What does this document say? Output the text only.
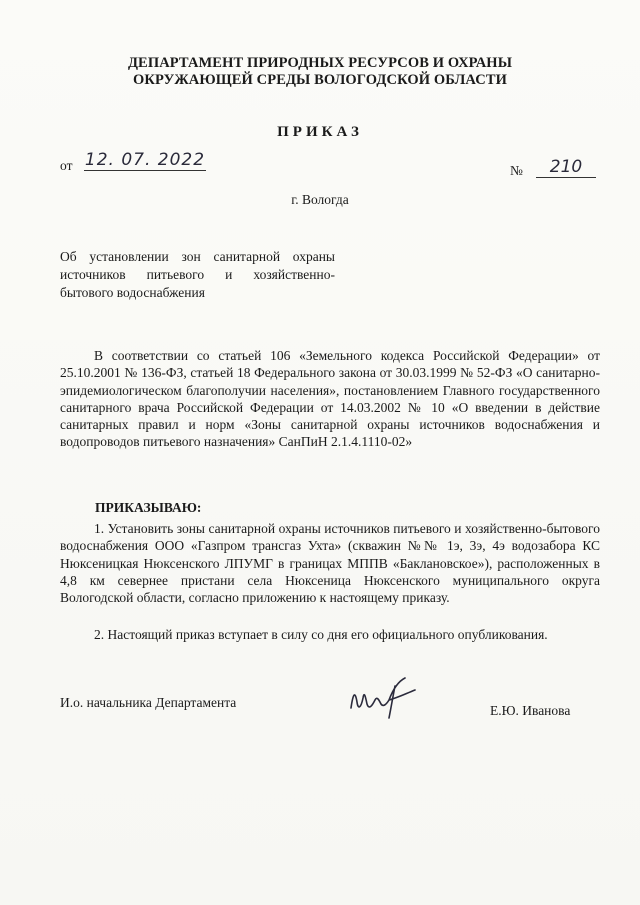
ДЕПАРТАМЕНТ ПРИРОДНЫХ РЕСУРСОВ И ОХРАНЫ
ОКРУЖАЮЩЕЙ СРЕДЫ ВОЛОГОДСКОЙ ОБЛАСТИ
ПРИКАЗ
от 12. 07. 2022
№	210
г. Вологда
Об установлении зон санитарной охраны источников питьевого и хозяйственно-бытового водоснабжения
В соответствии со статьей 106 «Земельного кодекса Российской Федерации» от 25.10.2001 № 136-ФЗ, статьей 18 Федерального закона от 30.03.1999 № 52-ФЗ «О санитарно-эпидемиологическом благополучии населения», постановлением Главного государственного санитарного врача Российской Федерации от 14.03.2002 № 10 «О введении в действие санитарных правил и норм «Зоны санитарной охраны источников водоснабжения и водопроводов питьевого назначения» СанПиН 2.1.4.1110-02»
ПРИКАЗЫВАЮ:
1. Установить зоны санитарной охраны источников питьевого и хозяйственно-бытового водоснабжения ООО «Газпром трансгаз Ухта» (скважин №№ 1э, 3э, 4э водозабора КС Нюксеницкая Нюксенского ЛПУМГ в границах МППВ «Баклановское»), расположенных в 4,8 км севернее пристани села Нюксеница Нюксенского муниципального округа Вологодской области, согласно приложению к настоящему приказу.
2. Настоящий приказ вступает в силу со дня его официального опубликования.
И.о. начальника Департамента
Е.Ю. Иванова
